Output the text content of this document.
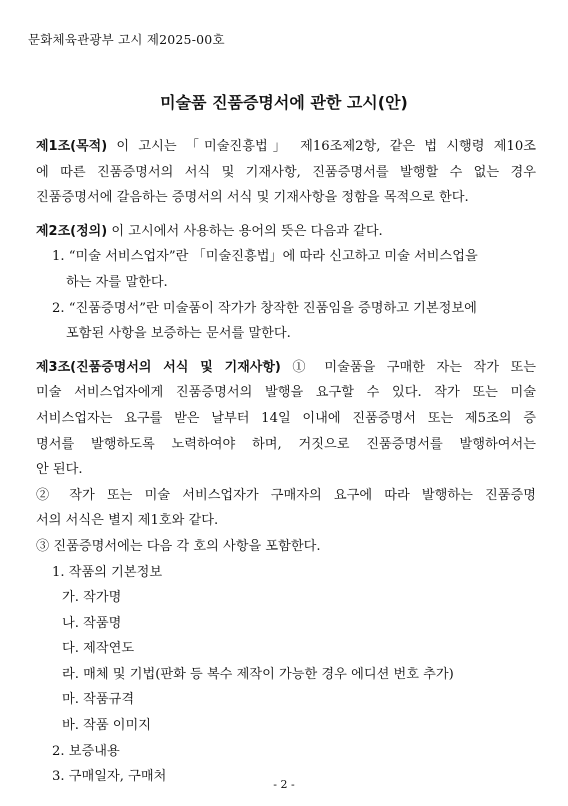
문화체육관광부 고시 제2025-00호
미술품 진품증명서에 관한 고시(안)

제1조(목적) 이 고시는 「미술진흥법」 제16조제2항, 같은 법 시행령 제10조

에 따른 진품증명서의 서식 및 기재사항, 진품증명서를 발행할 수 없는 경우

진품증명서에 갈음하는 증명서의 서식 및 기재사항을 정함을 목적으로 한다.

제2조(정의) 이 고시에서 사용하는 용어의 뜻은 다음과 같다.

1. “미술 서비스업자”란 「미술진흥법」에 따라 신고하고 미술 서비스업을

하는 자를 말한다.

2. “진품증명서”란 미술품이 작가가 창작한 진품임을 증명하고 기본정보에

포함된 사항을 보증하는 문서를 말한다.

제3조(진품증명서의 서식 및 기재사항) ① 미술품을 구매한 자는 작가 또는

미술 서비스업자에게 진품증명서의 발행을 요구할 수 있다. 작가 또는 미술

서비스업자는 요구를 받은 날부터 14일 이내에 진품증명서 또는 제5조의 증

명서를 발행하도록 노력하여야 하며, 거짓으로 진품증명서를 발행하여서는

안 된다.

② 작가 또는 미술 서비스업자가 구매자의 요구에 따라 발행하는 진품증명

서의 서식은 별지 제1호와 같다.

③ 진품증명서에는 다음 각 호의 사항을 포함한다.

1. 작품의 기본정보

가. 작가명

나. 작품명

다. 제작연도

라. 매체 및 기법(판화 등 복수 제작이 가능한 경우 에디션 번호 추가)

마. 작품규격

바. 작품 이미지

2. 보증내용

3. 구매일자, 구매처

- 2 -
